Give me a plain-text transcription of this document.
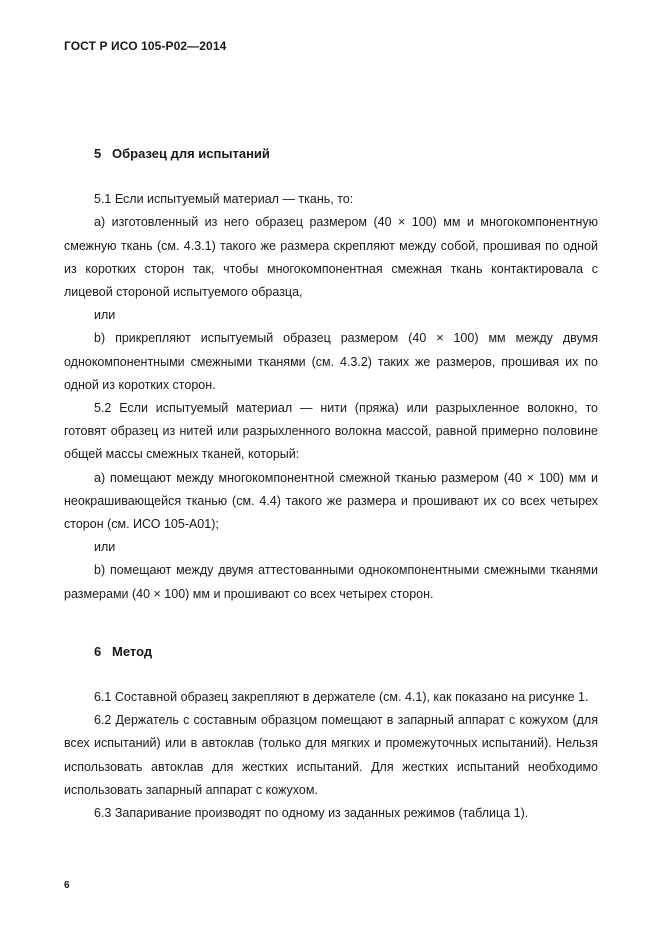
ГОСТ Р ИСО 105-Р02—2014
5 Образец для испытаний

5.1 Если испытуемый материал — ткань, то:

а) изготовленный из него образец размером (40 × 100) мм и многокомпонентную смежную ткань (см. 4.3.1) такого же размера скрепляют между собой, прошивая по одной из коротких сторон так, чтобы многокомпонентная смежная ткань контактировала с лицевой стороной испытуемого образца,

или

b) прикрепляют испытуемый образец размером (40 × 100) мм между двумя однокомпонентными смежными тканями (см. 4.3.2) таких же размеров, прошивая их по одной из коротких сторон.

5.2 Если испытуемый материал — нити (пряжа) или разрыхленное волокно, то готовят образец из нитей или разрыхленного волокна массой, равной примерно половине общей массы смежных тканей, который:

а) помещают между многокомпонентной смежной тканью размером (40 × 100) мм и неокрашивающейся тканью (см. 4.4) такого же размера и прошивают их со всех четырех сторон (см. ИСО 105-А01);

или

b) помещают между двумя аттестованными однокомпонентными смежными тканями размерами (40 × 100) мм и прошивают со всех четырех сторон.

6 Метод

6.1 Составной образец закрепляют в держателе (см. 4.1), как показано на рисунке 1.

6.2 Держатель с составным образцом помещают в запарный аппарат с кожухом (для всех испытаний) или в автоклав (только для мягких и промежуточных испытаний). Нельзя использовать автоклав для жестких испытаний. Для жестких испытаний необходимо использовать запарный аппарат с кожухом.

6.3 Запаривание производят по одному из заданных режимов (таблица 1).

6
